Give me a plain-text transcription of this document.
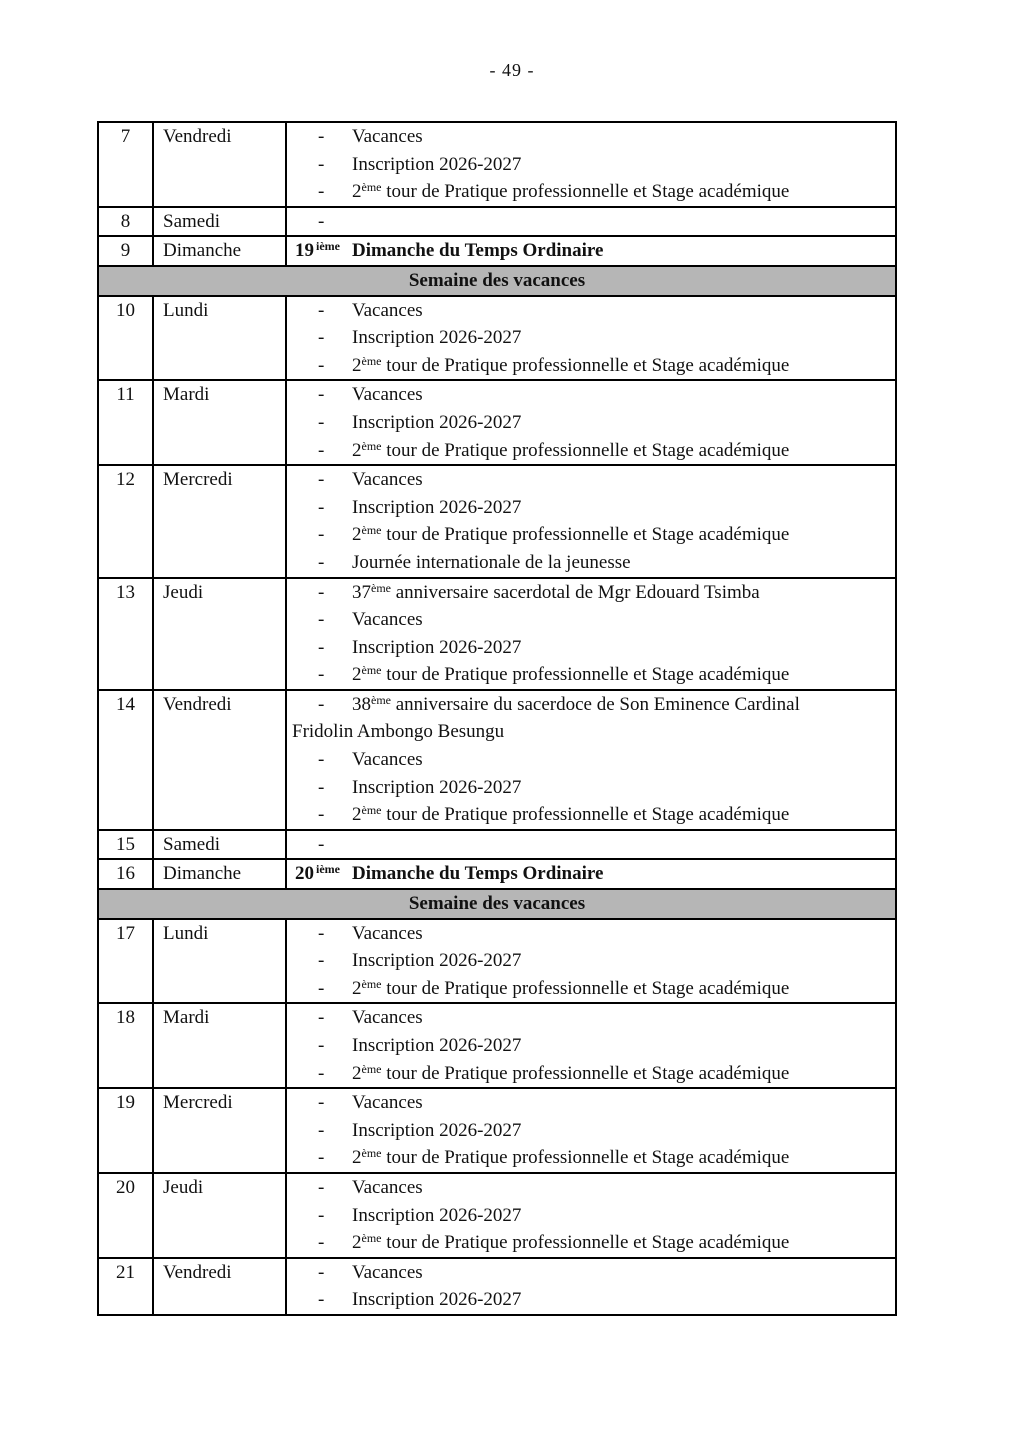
- 49 -
7	Vendredi	- Vacances
- Inscription 2026-2027
- 2ème tour de Pratique professionnelle et Stage académique

8	Samedi	-

9	Dimanche	19 $^{ième}$ Dimanche du Temps Ordinaire
Semaine des vacances		
10	Lundi	- Vacances
- Inscription 2026-2027
- 2ème tour de Pratique professionnelle et Stage académique

11	Mardi	- Vacances
- Inscription 2026-2027
- 2ème tour de Pratique professionnelle et Stage académique

12	Mercredi	- Vacances
- Inscription 2026-2027
- 2ème tour de Pratique professionnelle et Stage académique
- Journée internationale de la jeunesse

13	Jeudi	- 37ème anniversaire sacerdotal de Mgr Edouard Tsimba
- Vacances
- Inscription 2026-2027
- 2ème tour de Pratique professionnelle et Stage académique

14	Vendredi	- 38ème anniversaire du sacerdoce de Son Eminence Cardinal
Fridolin Ambongo Besungu
- Vacances
- Inscription 2026-2027
- 2ème tour de Pratique professionnelle et Stage académique

15	Samedi	-

16	Dimanche	20 $^{ième}$ Dimanche du Temps Ordinaire
Semaine des vacances		
17	Lundi	- Vacances
- Inscription 2026-2027
- 2ème tour de Pratique professionnelle et Stage académique

18	Mardi	- Vacances
- Inscription 2026-2027
- 2ème tour de Pratique professionnelle et Stage académique

19	Mercredi	- Vacances
- Inscription 2026-2027
- 2ème tour de Pratique professionnelle et Stage académique

20	Jeudi	- Vacances
- Inscription 2026-2027
- 2ème tour de Pratique professionnelle et Stage académique

21	Vendredi	- Vacances
- Inscription 2026-2027
